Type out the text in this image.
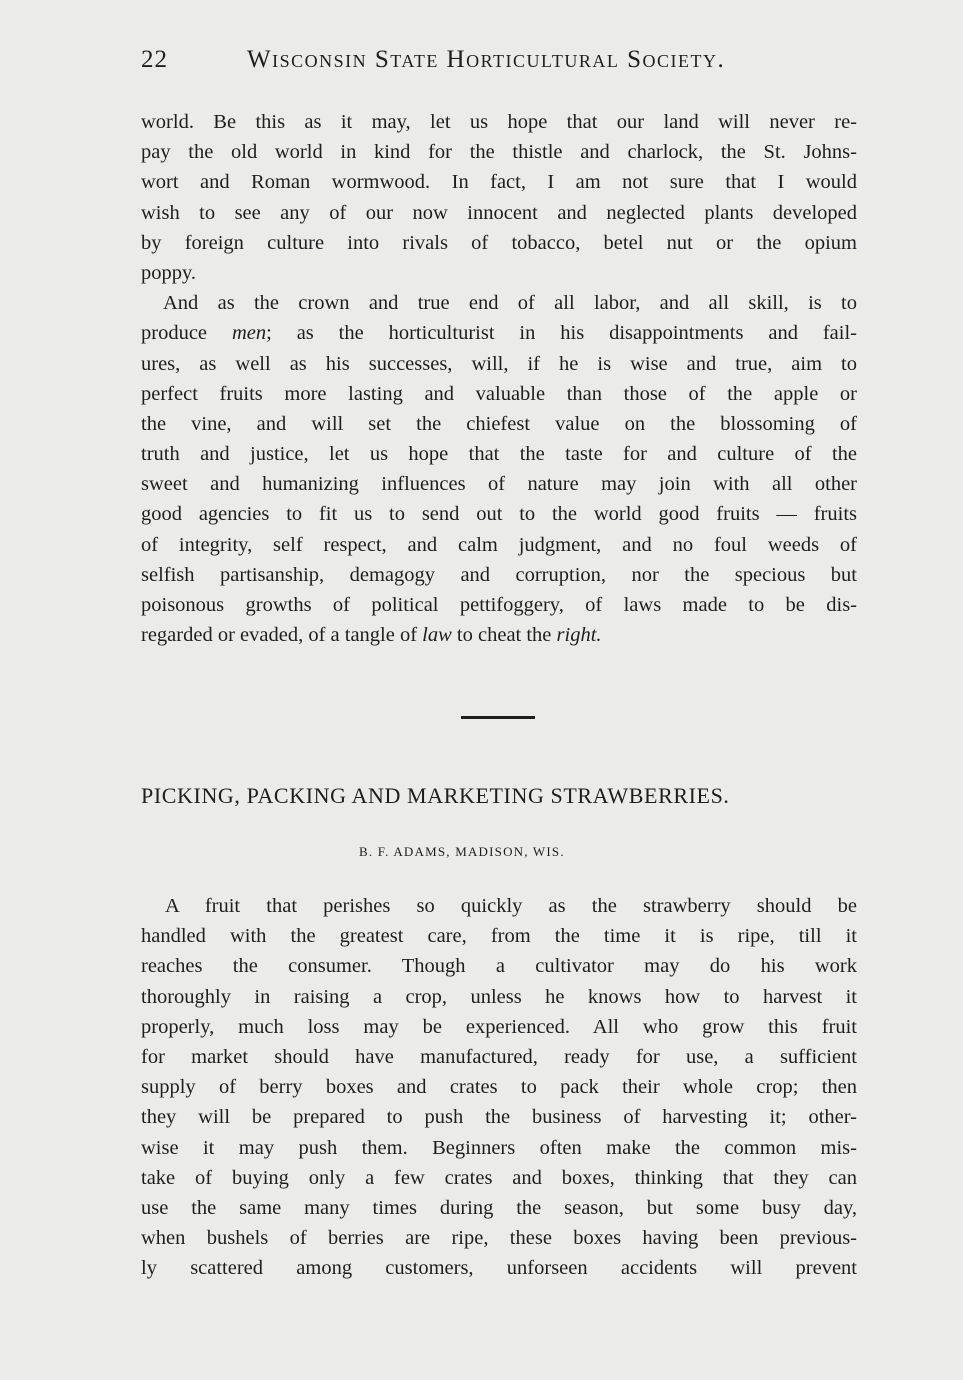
22	Wisconsin State Horticultural Society.
world. Be this as it may, let us hope that our land will never re-
pay the old world in kind for the thistle and charlock, the St. Johns-
wort and Roman wormwood. In fact, I am not sure that I would
wish to see any of our now innocent and neglected plants developed
by foreign culture into rivals of tobacco, betel nut or the opium
poppy.
And as the crown and true end of all labor, and all skill, is to
produce men; as the horticulturist in his disappointments and fail-
ures, as well as his successes, will, if he is wise and true, aim to
perfect fruits more lasting and valuable than those of the apple or
the vine, and will set the chiefest value on the blossoming of
truth and justice, let us hope that the taste for and culture of the
sweet and humanizing influences of nature may join with all other
good agencies to fit us to send out to the world good fruits — fruits
of integrity, self respect, and calm judgment, and no foul weeds of
selfish partisanship, demagogy and corruption, nor the specious but
poisonous growths of political pettifoggery, of laws made to be dis-
regarded or evaded, of a tangle of law to cheat the right.
PICKING, PACKING AND MARKETING STRAWBERRIES.
B. F. ADAMS, MADISON, WIS.
A fruit that perishes so quickly as the strawberry should be
handled with the greatest care, from the time it is ripe, till it
reaches the consumer. Though a cultivator may do his work
thoroughly in raising a crop, unless he knows how to harvest it
properly, much loss may be experienced. All who grow this fruit
for market should have manufactured, ready for use, a sufficient
supply of berry boxes and crates to pack their whole crop; then
they will be prepared to push the business of harvesting it; other-
wise it may push them. Beginners often make the common mis-
take of buying only a few crates and boxes, thinking that they can
use the same many times during the season, but some busy day,
when bushels of berries are ripe, these boxes having been previous-
ly scattered among customers, unforseen accidents will prevent
